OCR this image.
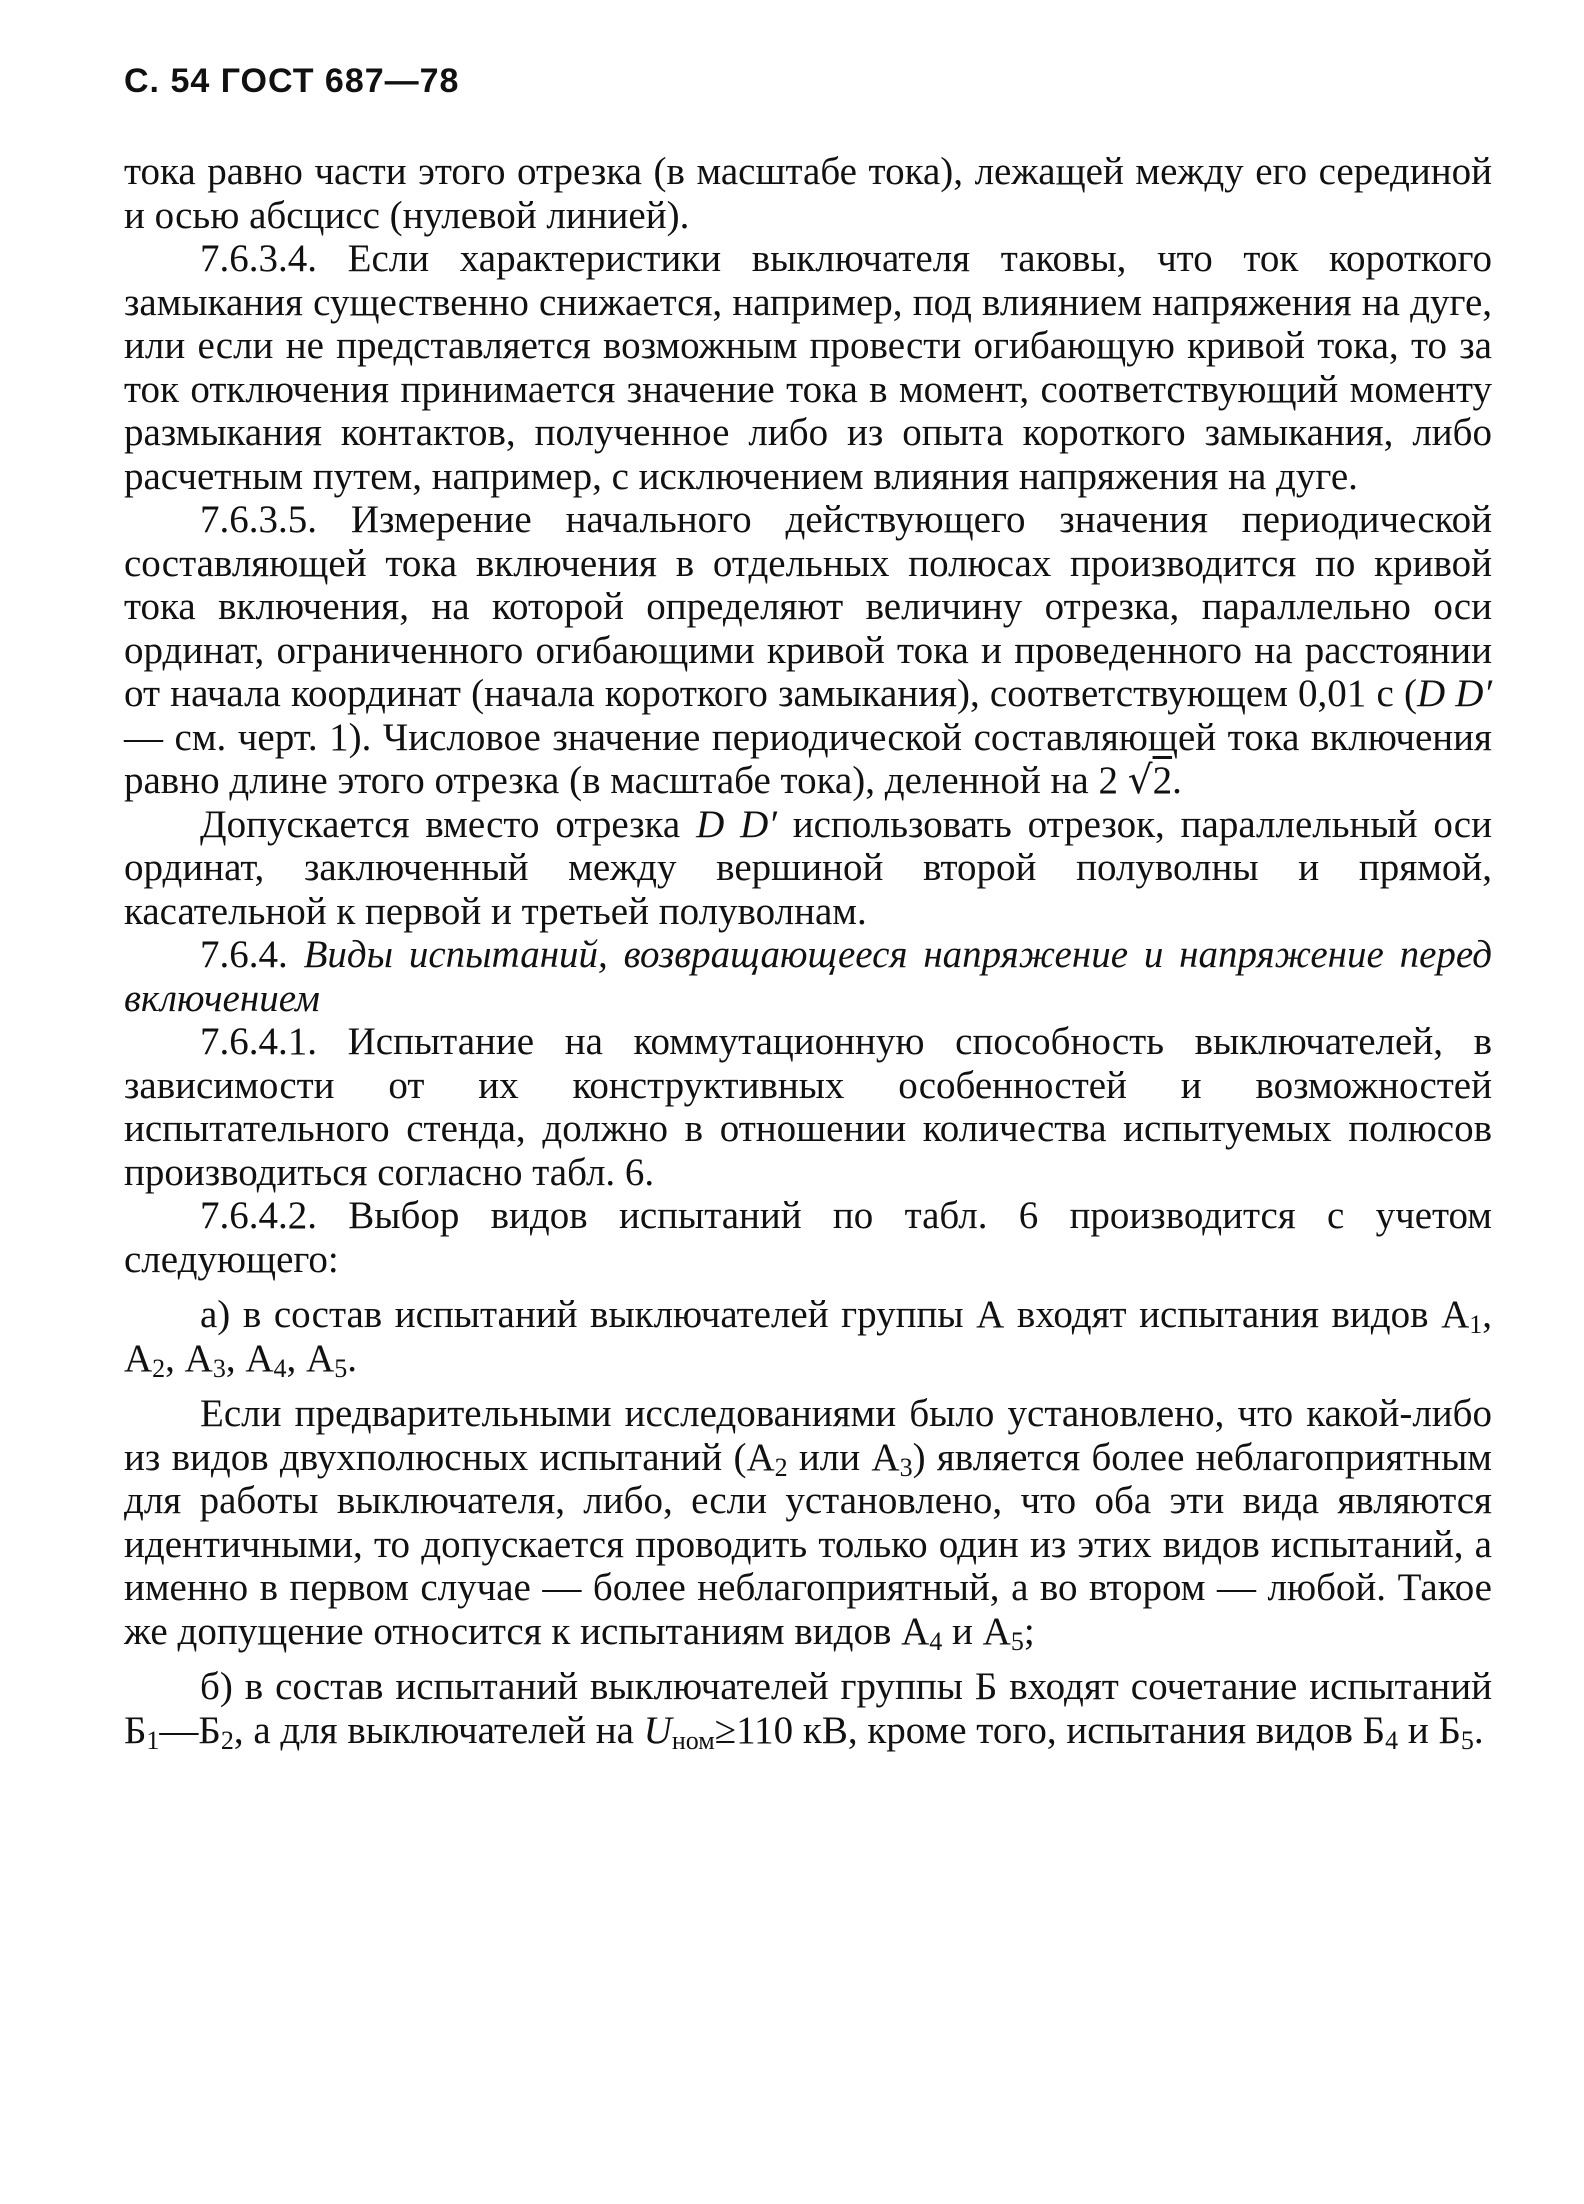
С. 54 ГОСТ 687—78

тока равно части этого отрезка (в масштабе тока), лежащей между его серединой и осью абсцисс (нулевой линией).

7.6.3.4. Если характеристики выключателя таковы, что ток короткого замыкания существенно снижается, например, под влиянием напряжения на дуге, или если не представляется возможным провести огибающую кривой тока, то за ток отключения принимается значение тока в момент, соответствующий моменту размыкания контактов, полученное либо из опыта короткого замыкания, либо расчетным путем, например, с исключением влияния напряжения на дуге.

7.6.3.5. Измерение начального действующего значения периодической составляющей тока включения в отдельных полюсах производится по кривой тока включения, на которой определяют величину отрезка, параллельно оси ординат, ограниченного огибающими кривой тока и проведенного на расстоянии от начала координат (начала короткого замыкания), соответствующем 0,01 с (D D′ — см. черт. 1). Числовое значение периодической составляющей тока включения равно длине этого отрезка (в масштабе тока), деленной на 2 √2.

Допускается вместо отрезка D D′ использовать отрезок, параллельный оси ординат, заключенный между вершиной второй полуволны и прямой, касательной к первой и третьей полуволнам.

7.6.4. Виды испытаний, возвращающееся напряжение и напряжение перед включением

7.6.4.1. Испытание на коммутационную способность выключателей, в зависимости от их конструктивных особенностей и возможностей испытательного стенда, должно в отношении количества испытуемых полюсов производиться согласно табл. 6.

7.6.4.2. Выбор видов испытаний по табл. 6 производится с учетом следующего:

а) в состав испытаний выключателей группы А входят испытания видов $А_1$, $А_2$, $А_3$, $А_4$, $А_5$.

Если предварительными исследованиями было установлено, что какой-либо из видов двухполюсных испытаний ($А_2$ или $А_3$) является более неблагоприятным для работы выключателя, либо, если установлено, что оба эти вида являются идентичными, то допускается проводить только один из этих видов испытаний, а именно в первом случае — более неблагоприятный, а во втором — любой. Такое же допущение относится к испытаниям видов $А_4$ и $А_5$;

б) в состав испытаний выключателей группы Б входят сочетание испытаний $Б_1—Б_2$, а для выключателей на $U_{ном}\ge 110$ кВ, кроме того, испытания видов $Б_4$ и $Б_5$.
